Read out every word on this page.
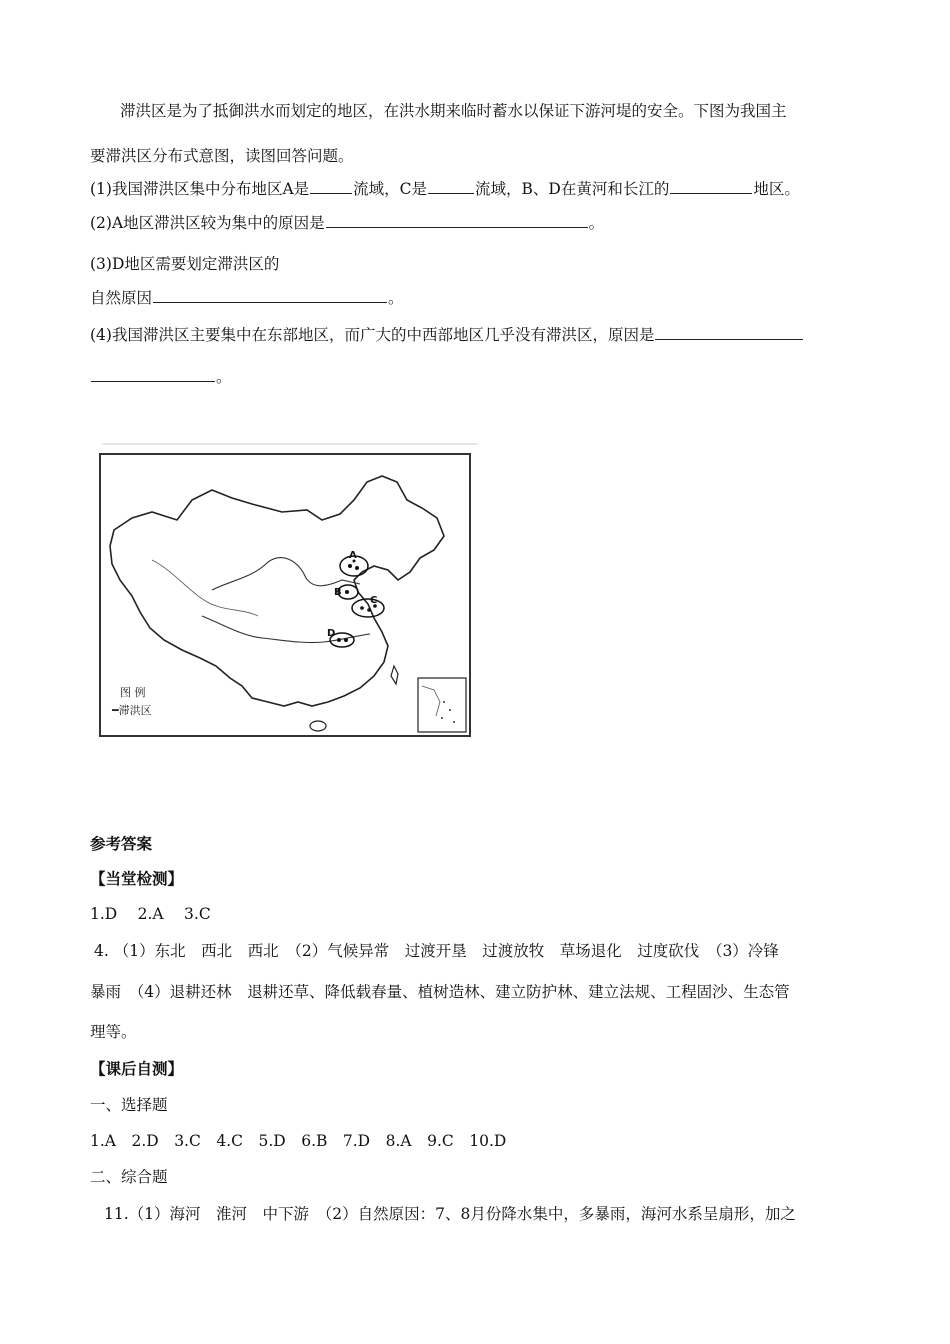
滞洪区是为了抵御洪水而划定的地区，在洪水期来临时蓄水以保证下游河堤的安全。下图为我国主
要滞洪区分布式意图，读图回答问题。
(1)我国滞洪区集中分布地区A是	流域，C是	流域，B、D在黄河和长江的	地区。
(2)A地区滞洪区较为集中的原因是	。
(3)D地区需要划定滞洪区的
自然原因	。
(4)我国滞洪区主要集中在东部地区，而广大的中西部地区几乎没有滞洪区，原因是
。
A
B
C
D
图 例
━滞洪区
参考答案
【当堂检测】
1.D　 2.A　 3.C
4. （1）东北　西北　西北　（2）气候异常　过渡开垦　过渡放牧　草场退化　过度砍伐　（3）冷锋
暴雨　（4）退耕还林　退耕还草、降低载春量、植树造林、建立防护林、建立法规、工程固沙、生态管
理等。
【课后自测】
一、选择题
1.A　2.D　3.C　4.C　5.D　6.B　7.D　8.A　9.C　10.D
二、综合题
11.（1）海河　淮河　中下游　（2）自然原因：7、8月份降水集中，多暴雨，海河水系呈扇形，加之
